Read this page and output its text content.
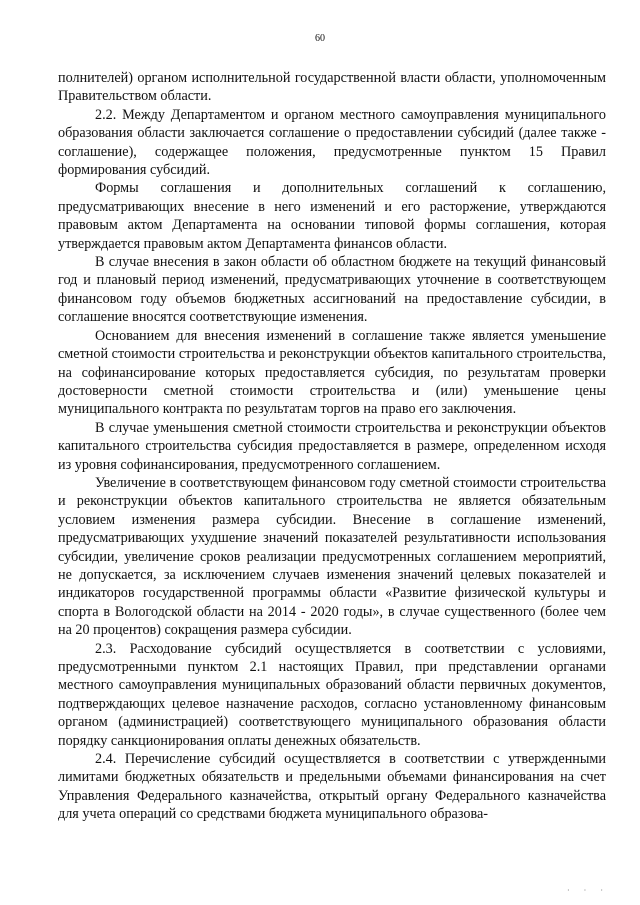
60

полнителей) органом исполнительной государственной власти области, уполномоченным Правительством области.

2.2. Между Департаментом и органом местного самоуправления муниципального образования области заключается соглашение о предоставлении субсидий (далее также - соглашение), содержащее положения, предусмотренные пунктом 15 Правил формирования субсидий.

Формы соглашения и дополнительных соглашений к соглашению, предусматривающих внесение в него изменений и его расторжение, утверждаются правовым актом Департамента на основании типовой формы соглашения, которая утверждается правовым актом Департамента финансов области.

В случае внесения в закон области об областном бюджете на текущий финансовый год и плановый период изменений, предусматривающих уточнение в соответствующем финансовом году объемов бюджетных ассигнований на предоставление субсидии, в соглашение вносятся соответствующие изменения.

Основанием для внесения изменений в соглашение также является уменьшение сметной стоимости строительства и реконструкции объектов капитального строительства, на софинансирование которых предоставляется субсидия, по результатам проверки достоверности сметной стоимости строительства и (или) уменьшение цены муниципального контракта по результатам торгов на право его заключения.

В случае уменьшения сметной стоимости строительства и реконструкции объектов капитального строительства субсидия предоставляется в размере, определенном исходя из уровня софинансирования, предусмотренного соглашением.

Увеличение в соответствующем финансовом году сметной стоимости строительства и реконструкции объектов капитального строительства не является обязательным условием изменения размера субсидии. Внесение в соглашение изменений, предусматривающих ухудшение значений показателей результативности использования субсидии, увеличение сроков реализации предусмотренных соглашением мероприятий, не допускается, за исключением случаев изменения значений целевых показателей и индикаторов государственной программы области «Развитие физической культуры и спорта в Вологодской области на 2014 - 2020 годы», в случае существенного (более чем на 20 процентов) сокращения размера субсидии.

2.3. Расходование субсидий осуществляется в соответствии с условиями, предусмотренными пунктом 2.1 настоящих Правил, при представлении органами местного самоуправления муниципальных образований области первичных документов, подтверждающих целевое назначение расходов, согласно установленному финансовым органом (администрацией) соответствующего муниципального образования области порядку санкционирования оплаты денежных обязательств.

2.4. Перечисление субсидий осуществляется в соответствии с утвержденными лимитами бюджетных обязательств и предельными объемами финансирования на счет Управления Федерального казначейства, открытый органу Федерального казначейства для учета операций со средствами бюджета муниципального образова-

· · ·
